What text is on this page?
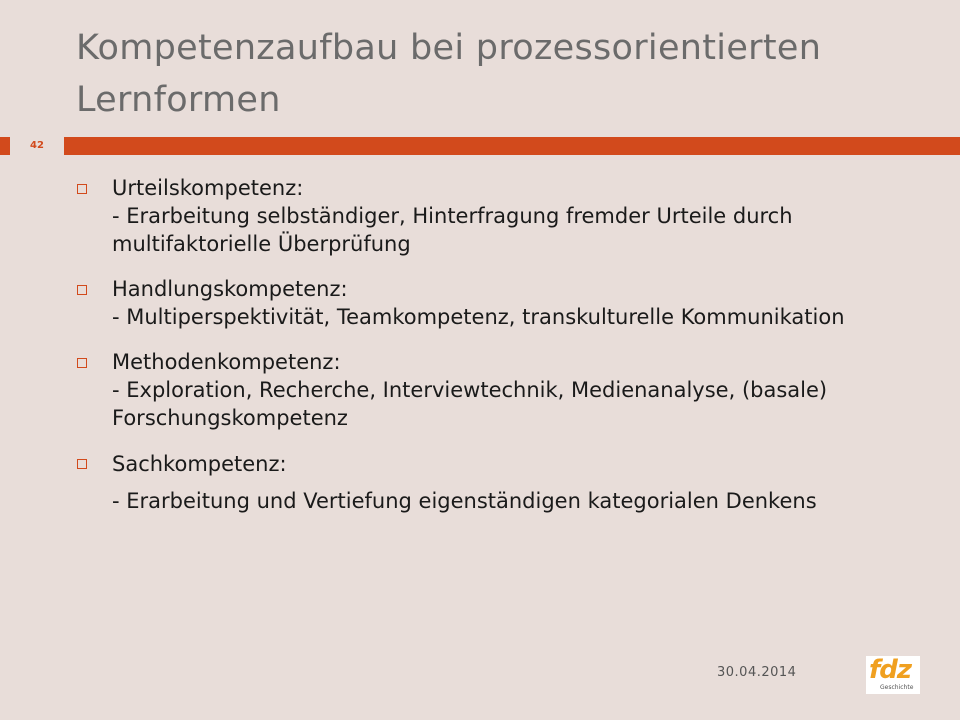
Kompetenzaufbau bei prozessorientierten Lernformen
42
Urteilskompetenz:
- Erarbeitung selbständiger, Hinterfragung fremder Urteile durch multifaktorielle Überprüfung
Handlungskompetenz:
- Multiperspektivität, Teamkompetenz, transkulturelle Kommunikation
Methodenkompetenz:
- Exploration, Recherche, Interviewtechnik, Medienanalyse, (basale) Forschungskompetenz
Sachkompetenz:
- Erarbeitung und Vertiefung eigenständigen kategorialen Denkens
30.04.2014	fdz
Geschichte
